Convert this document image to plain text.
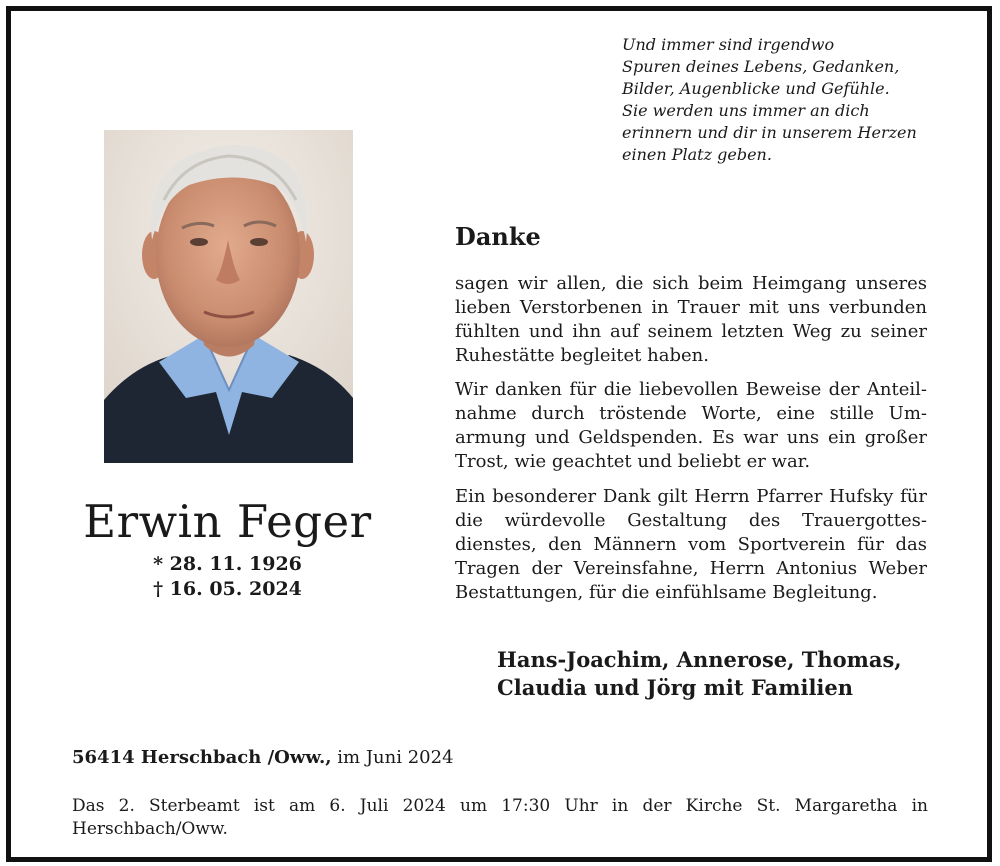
Und immer sind irgendwo
Spuren deines Lebens, Gedanken,
Bilder, Augenblicke und Gefühle.
Sie werden uns immer an dich
erinnern und dir in unserem Herzen
einen Platz geben.
Erwin Feger
* 28. 11. 1926
† 16. 05. 2024
Danke
sagen wir allen, die sich beim Heimgang unseres lieben Verstorbenen in Trauer mit uns verbunden fühlten und ihn auf seinem letzten Weg zu seiner Ruhestätte begleitet haben.
Wir danken für die liebevollen Beweise der Anteilnahme durch tröstende Worte, eine stille Umarmung und Geldspenden. Es war uns ein großer Trost, wie geachtet und beliebt er war.
Ein besonderer Dank gilt Herrn Pfarrer Hufsky für die würdevolle Gestaltung des Trauergottesdienstes, den Männern vom Sportverein für das Tragen der Vereinsfahne, Herrn Antonius Weber Bestattungen, für die einfühlsame Begleitung.
Hans-Joachim, Annerose, Thomas,
Claudia und Jörg mit Familien
56414 Herschbach /Oww., im Juni 2024
Das 2. Sterbeamt ist am 6. Juli 2024 um 17:30 Uhr in der Kirche St. Margaretha in Herschbach/Oww.
